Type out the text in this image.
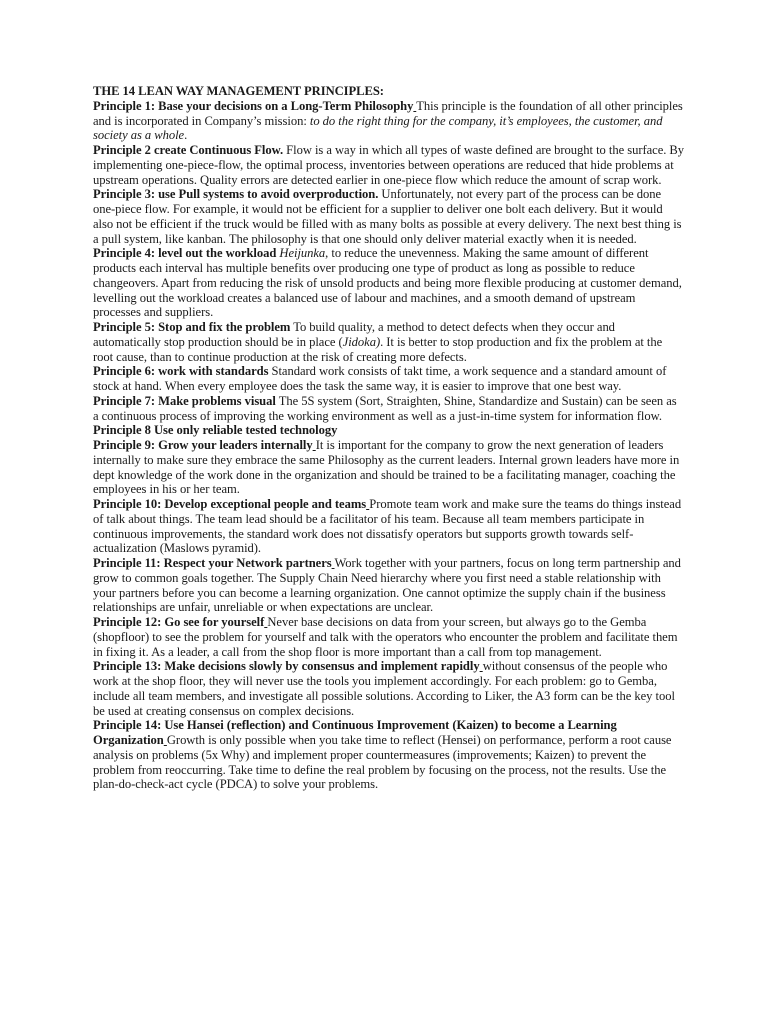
THE 14 LEAN WAY MANAGEMENT PRINCIPLES:

Principle 1: Base your decisions on a Long-Term Philosophy This principle is the foundation of all other principles and is incorporated in Company’s mission: to do the right thing for the company, it’s employees, the customer, and society as a whole.

Principle 2 create Continuous Flow. Flow is a way in which all types of waste defined are brought to the surface. By implementing one-piece-flow, the optimal process, inventories between operations are reduced that hide problems at upstream operations. Quality errors are detected earlier in one-piece flow which reduce the amount of scrap work.

Principle 3: use Pull systems to avoid overproduction. Unfortunately, not every part of the process can be done one-piece flow. For example, it would not be efficient for a supplier to deliver one bolt each delivery. But it would also not be efficient if the truck would be filled with as many bolts as possible at every delivery. The next best thing is a pull system, like kanban. The philosophy is that one should only deliver material exactly when it is needed.

Principle 4: level out the workload Heijunka, to reduce the unevenness. Making the same amount of different products each interval has multiple benefits over producing one type of product as long as possible to reduce changeovers. Apart from reducing the risk of unsold products and being more flexible producing at customer demand, levelling out the workload creates a balanced use of labour and machines, and a smooth demand of upstream processes and suppliers.

Principle 5: Stop and fix the problem To build quality, a method to detect defects when they occur and automatically stop production should be in place (Jidoka). It is better to stop production and fix the problem at the root cause, than to continue production at the risk of creating more defects.

Principle 6: work with standards Standard work consists of takt time, a work sequence and a standard amount of stock at hand. When every employee does the task the same way, it is easier to improve that one best way.

Principle 7: Make problems visual The 5S system (Sort, Straighten, Shine, Standardize and Sustain) can be seen as a continuous process of improving the working environment as well as a just-in-time system for information flow.

Principle 8 Use only reliable tested technology

Principle 9: Grow your leaders internally It is important for the company to grow the next generation of leaders internally to make sure they embrace the same Philosophy as the current leaders. Internal grown leaders have more in dept knowledge of the work done in the organization and should be trained to be a facilitating manager, coaching the employees in his or her team.

Principle 10: Develop exceptional people and teams Promote team work and make sure the teams do things instead of talk about things. The team lead should be a facilitator of his team. Because all team members participate in continuous improvements, the standard work does not dissatisfy operators but supports growth towards self-actualization (Maslows pyramid).

Principle 11: Respect your Network partners Work together with your partners, focus on long term partnership and grow to common goals together. The Supply Chain Need hierarchy where you first need a stable relationship with your partners before you can become a learning organization. One cannot optimize the supply chain if the business relationships are unfair, unreliable or when expectations are unclear.

Principle 12: Go see for yourself Never base decisions on data from your screen, but always go to the Gemba (shopfloor) to see the problem for yourself and talk with the operators who encounter the problem and facilitate them in fixing it. As a leader, a call from the shop floor is more important than a call from top management.

Principle 13: Make decisions slowly by consensus and implement rapidly without consensus of the people who work at the shop floor, they will never use the tools you implement accordingly. For each problem: go to Gemba, include all team members, and investigate all possible solutions. According to Liker, the A3 form can be the key tool be used at creating consensus on complex decisions.

Principle 14: Use Hansei (reflection) and Continuous Improvement (Kaizen) to become a Learning Organization Growth is only possible when you take time to reflect (Hensei) on performance, perform a root cause analysis on problems (5x Why) and implement proper countermeasures (improvements; Kaizen) to prevent the problem from reoccurring. Take time to define the real problem by focusing on the process, not the results. Use the plan-do-check-act cycle (PDCA) to solve your problems.
